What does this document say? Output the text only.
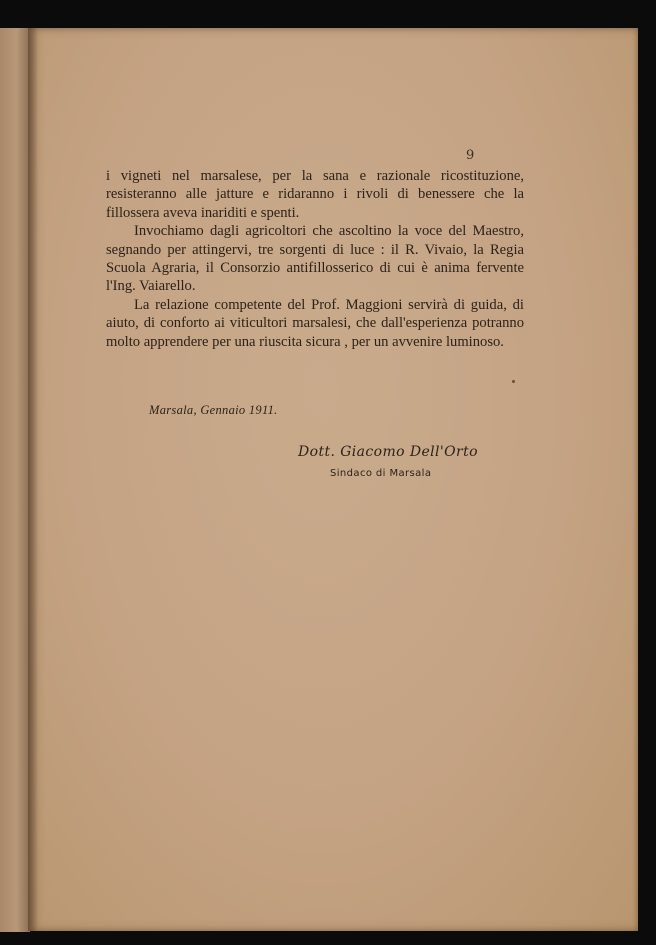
9

i vigneti nel marsalese, per la sana e razionale ricostituzione, resisteranno alle jatture e ridaranno i rivoli di benessere che la fillossera aveva inariditi e spenti.

Invochiamo dagli agricoltori che ascoltino la voce del Maestro, segnando per attingervi, tre sorgenti di luce : il R. Vivaio, la Regia Scuola Agraria, il Consorzio antifillosserico di cui è anima fervente l'Ing. Vaiarello.

La relazione competente del Prof. Maggioni servirà di guida, di aiuto, di conforto ai viticultori marsalesi, che dall'esperienza potranno molto apprendere per una riuscita sicura , per un avvenire luminoso.

Marsala, Gennaio 1911.
Dott. Giacomo Dell'Orto
Sindaco di Marsala
